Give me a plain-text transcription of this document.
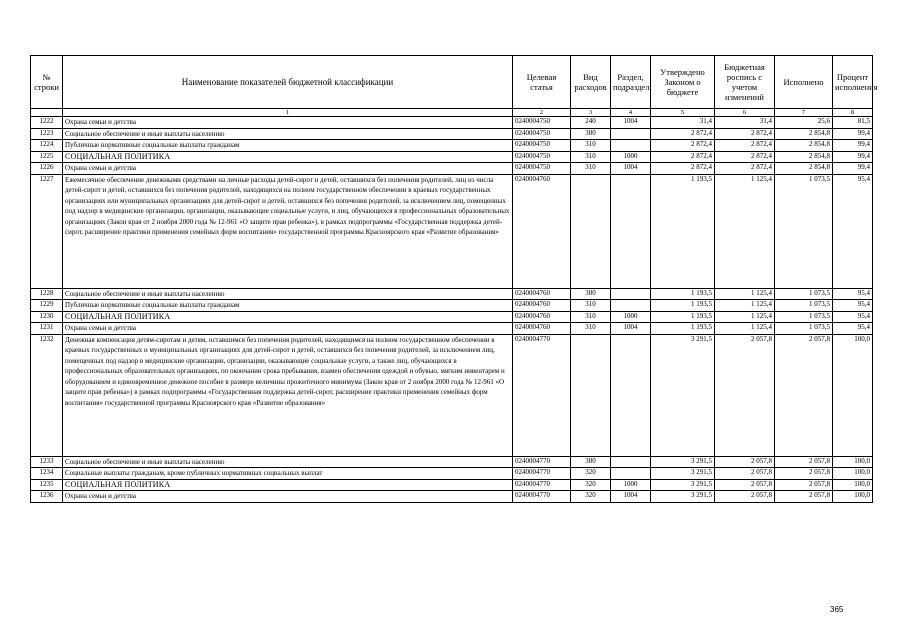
№ строки	Наименование показателей бюджетной классификации	Целевая статья	Вид расходов	Раздел, подраздел	Утверждено Законом о бюджете	Бюджетная роспись с учетом изменений	Исполнено	Процент исполнения
	1	2	3	4	5	6	7	8
1222	Охрана семьи и детства	0240004750	240	1004	31,4	31,4	25,6	81,5
1223	Социальное обеспечение и иные выплаты населению	0240004750	300		2 872,4	2 872,4	2 854,8	99,4
1224	Публичные нормативные социальные выплаты гражданам	0240004750	310		2 872,4	2 872,4	2 854,8	99,4
1225	СОЦИАЛЬНАЯ ПОЛИТИКА	0240004750	310	1000	2 872,4	2 872,4	2 854,8	99,4
1226	Охрана семьи и детства	0240004750	310	1004	2 872,4	2 872,4	2 854,8	99,4
1227	Ежемесячное обеспечение денежными средствами на личные расходы детей-сирот и детей, оставшихся без попечения родителей, лиц из числа детей-сирот и детей, оставшихся без попечения родителей, находящихся на полном государственном обеспечении в краевых государственных организациях или муниципальных организациях для детей-сирот и детей, оставшихся без попечения родителей, за исключением лиц, помещенных под надзор в медицинские организации, организации, оказывающие социальные услуги, и лиц, обучающихся в профессиональных образовательных организациях (Закон края от 2 ноября 2000 года № 12-961 «О защите прав ребенка»), в рамках подпрограммы «Государственная поддержка детей-сирот, расширение практики применения семейных форм воспитания» государственной программы Красноярского края «Развитие образования»	0240004760			1 193,5	1 125,4	1 073,5	95,4
1228	Социальное обеспечение и иные выплаты населению	0240004760	300		1 193,5	1 125,4	1 073,5	95,4
1229	Публичные нормативные социальные выплаты гражданам	0240004760	310		1 193,5	1 125,4	1 073,5	95,4
1230	СОЦИАЛЬНАЯ ПОЛИТИКА	0240004760	310	1000	1 193,5	1 125,4	1 073,5	95,4
1231	Охрана семьи и детства	0240004760	310	1004	1 193,5	1 125,4	1 073,5	95,4
1232	Денежная компенсация детям-сиротам и детям, оставшимся без попечения родителей, находящимся на полном государственном обеспечении в краевых государственных и муниципальных организациях для детей-сирот и детей, оставшихся без попечения родителей, за исключением лиц, помещенных под надзор в медицинские организации, организации, оказывающие социальные услуги, а также лиц, обучающихся в профессиональных образовательных организациях, по окончании срока пребывания, взамен обеспечения одеждой и обувью, мягким инвентарем и оборудованием и единовременное денежное пособие в размере величины прожиточного минимума (Закон края от 2 ноября 2000 года № 12-961 «О защите прав ребенка») в рамках подпрограммы «Государственная поддержка детей-сирот, расширение практики применения семейных форм воспитания» государственной программы Красноярского края «Развитие образования»	0240004770			3 291,5	2 057,8	2 057,8	100,0
1233	Социальное обеспечение и иные выплаты населению	0240004770	300		3 291,5	2 057,8	2 057,8	100,0
1234	Социальные выплаты гражданам, кроме публичных нормативных социальных выплат	0240004770	320		3 291,5	2 057,8	2 057,8	100,0
1235	СОЦИАЛЬНАЯ ПОЛИТИКА	0240004770	320	1000	3 291,5	2 057,8	2 057,8	100,0
1236	Охрана семьи и детства	0240004770	320	1004	3 291,5	2 057,8	2 057,8	100,0
365
